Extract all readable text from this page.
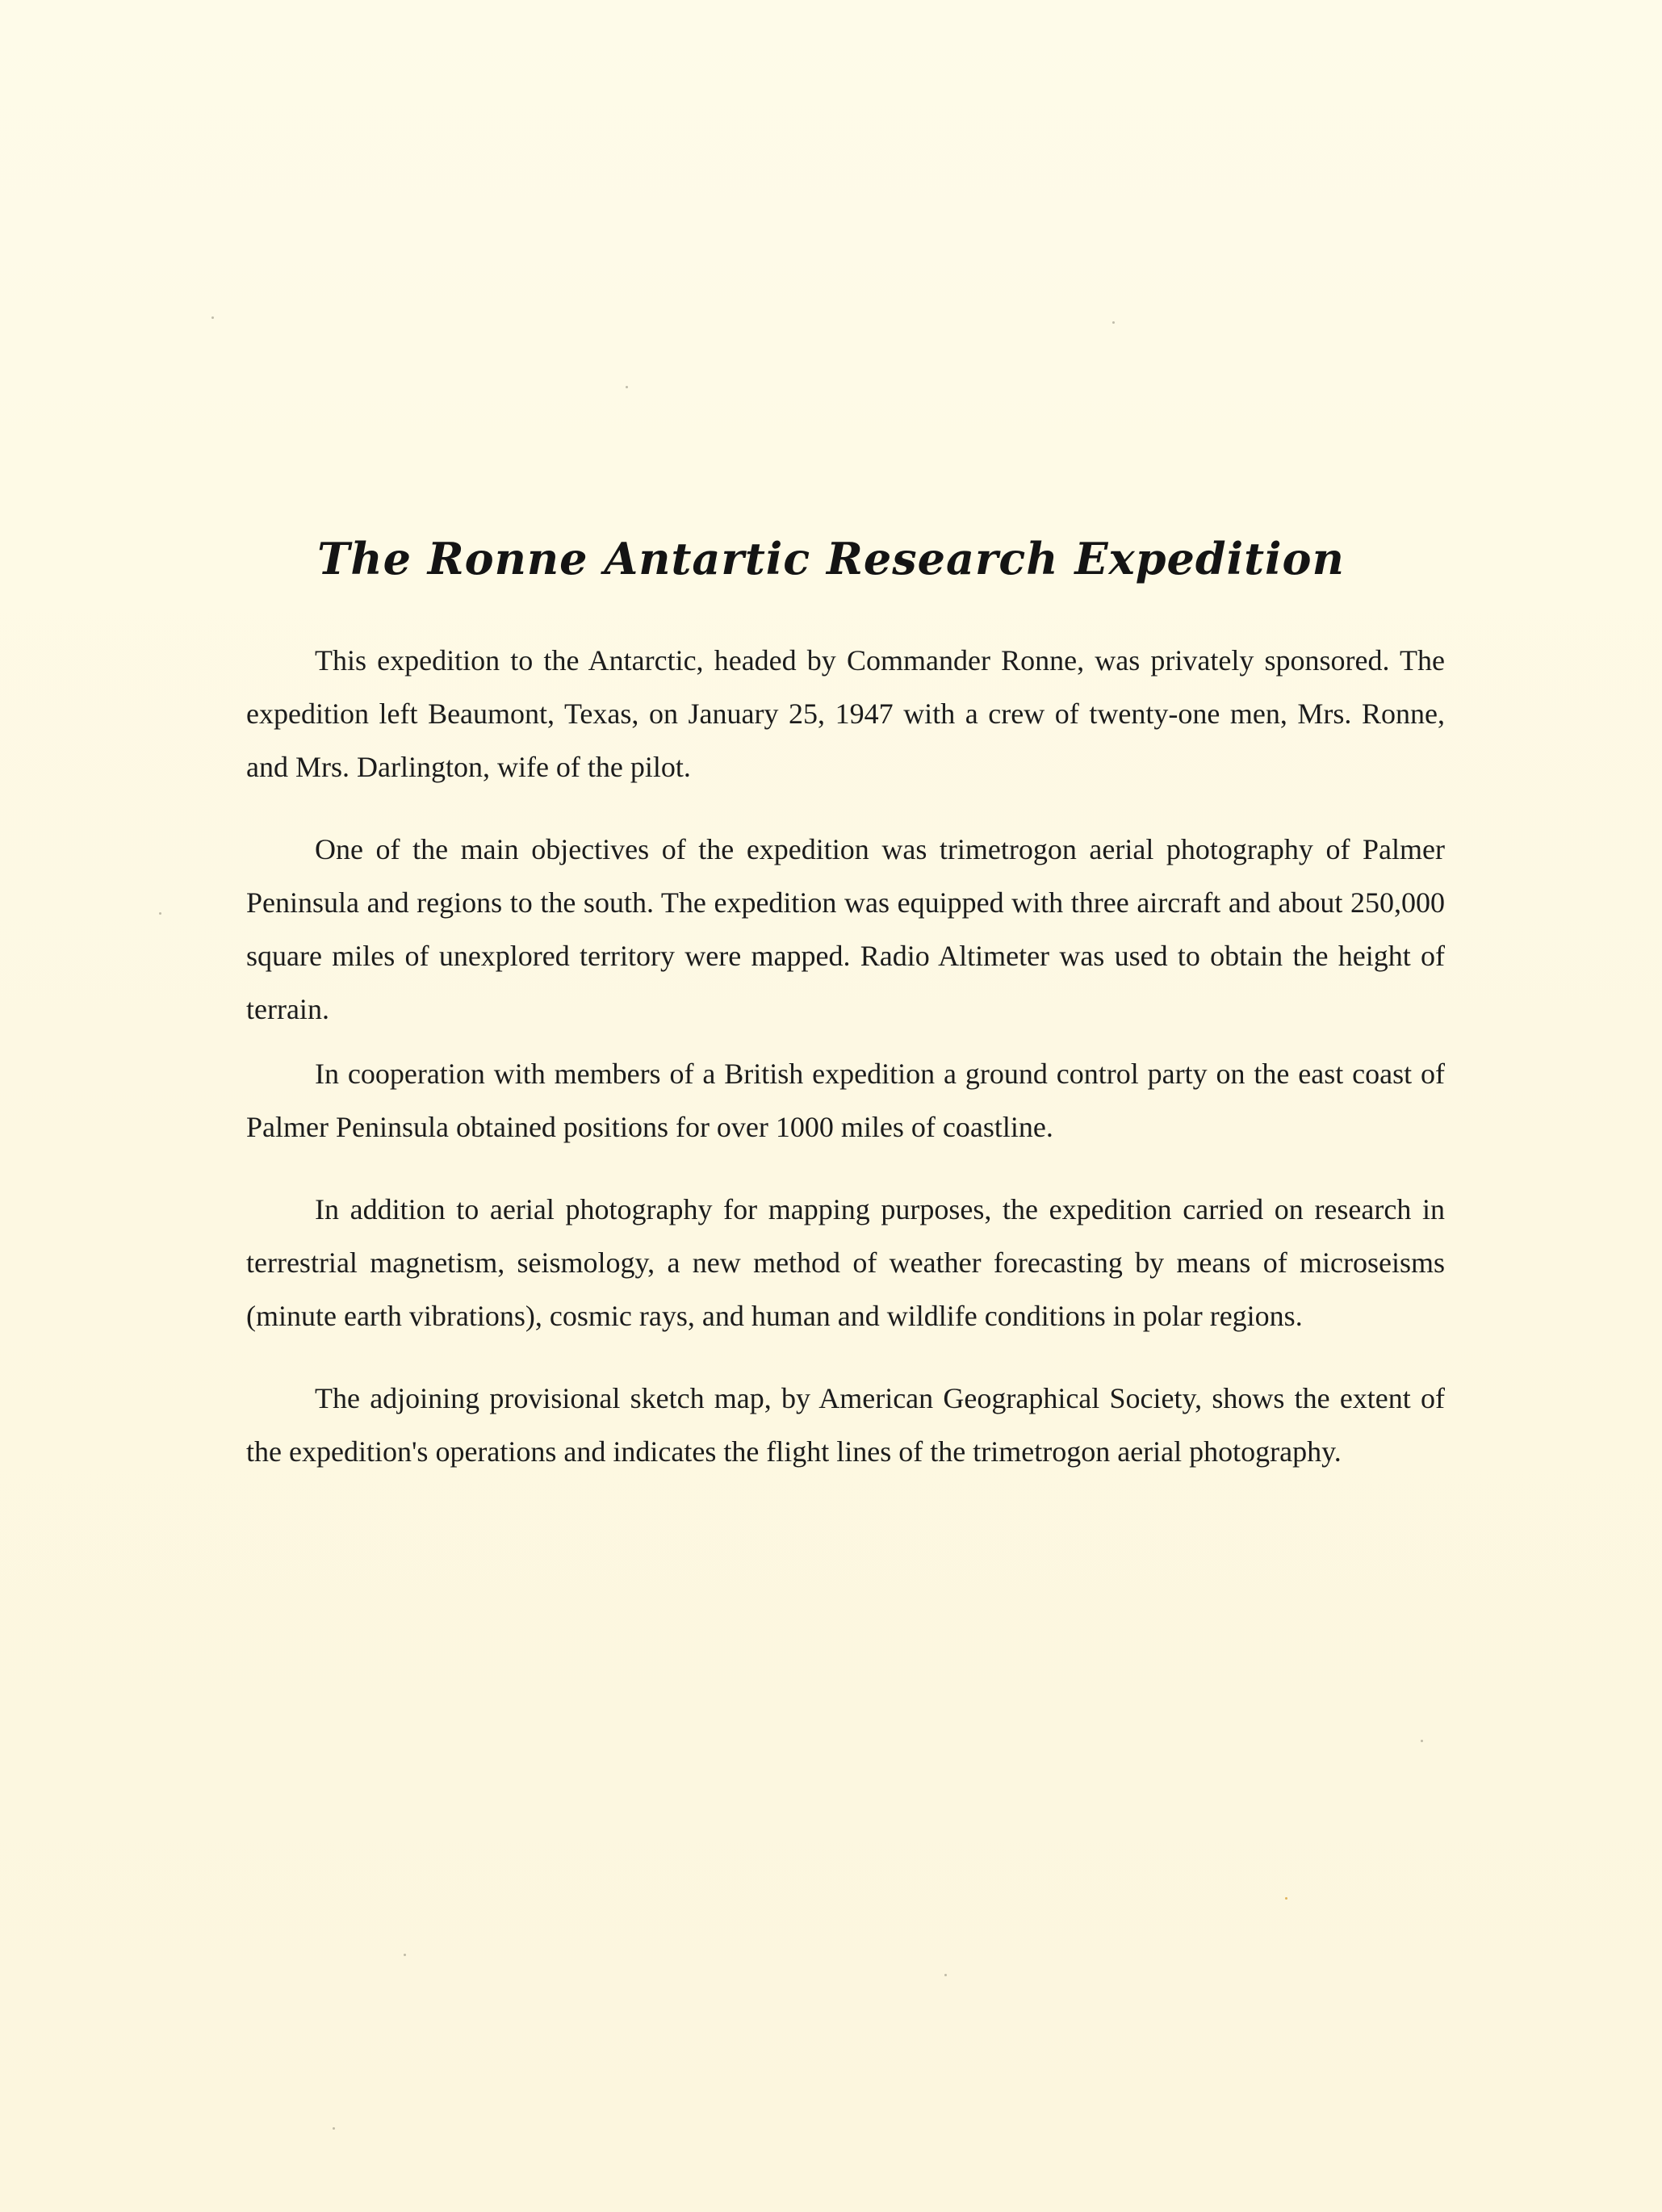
The Ronne Antartic Research Expedition

This expedition to the Antarctic, headed by Commander Ronne, was privately sponsored. The expedition left Beaumont, Texas, on January 25, 1947 with a crew of twenty-one men, Mrs. Ronne, and Mrs. Darlington, wife of the pilot.

One of the main objectives of the expedition was trimetrogon aerial photography of Palmer Peninsula and regions to the south. The expedition was equipped with three aircraft and about 250,000 square miles of unexplored territory were mapped. Radio Altimeter was used to obtain the height of terrain.

In cooperation with members of a British expedition a ground control party on the east coast of Palmer Peninsula obtained positions for over 1000 miles of coastline.

In addition to aerial photography for mapping purposes, the expedition carried on research in terrestrial magnetism, seismology, a new method of weather forecasting by means of microseisms (minute earth vibrations), cosmic rays, and human and wildlife conditions in polar regions.

The adjoining provisional sketch map, by American Geographical Society, shows the extent of the expedition's operations and indicates the flight lines of the trimetrogon aerial photography.
